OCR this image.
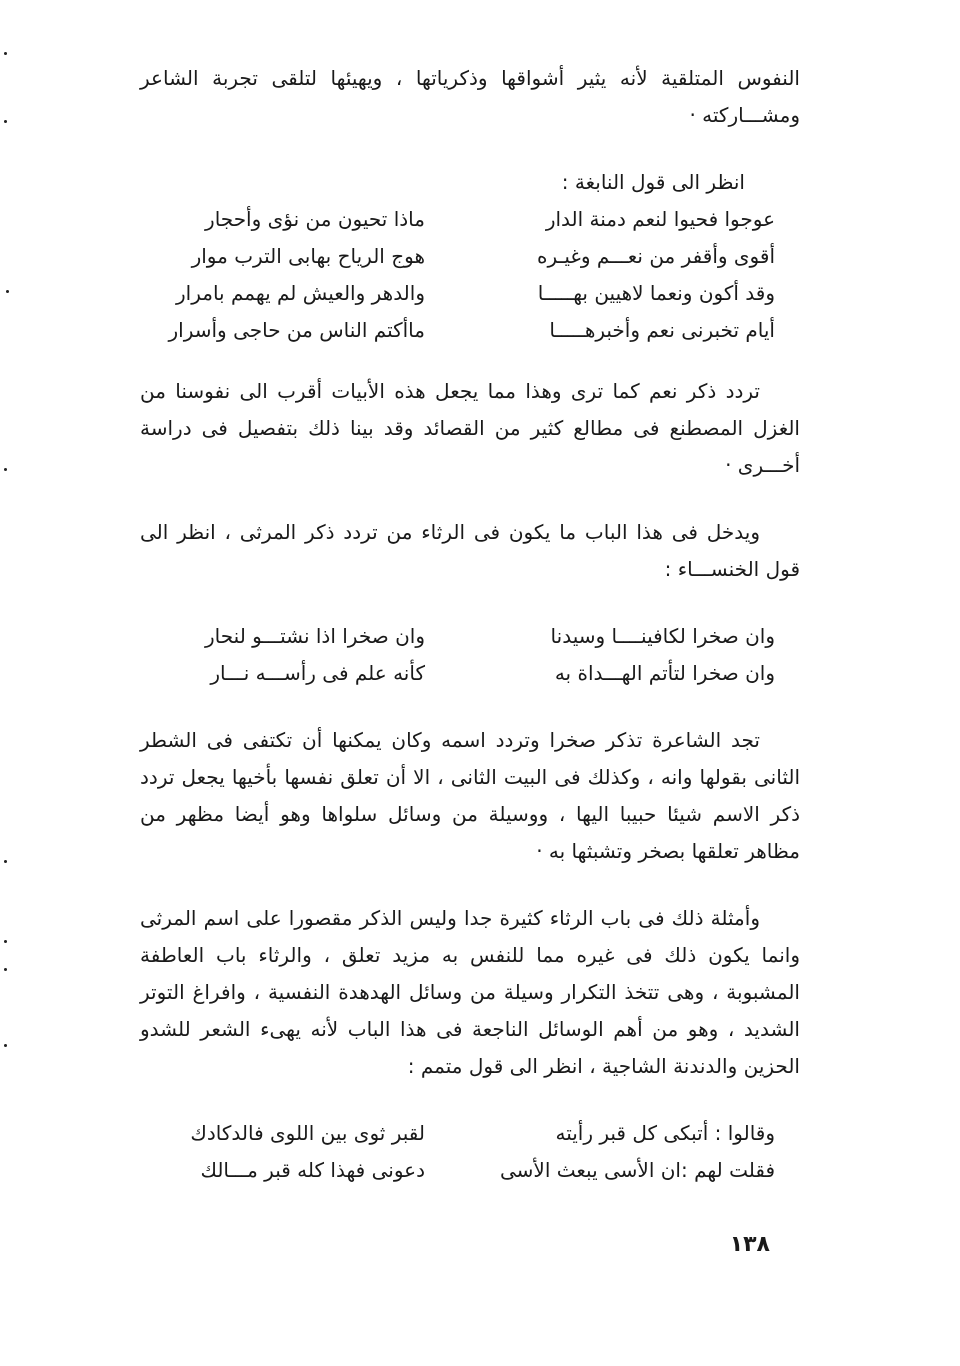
النفوس المتلقية لأنه يثير أشواقها وذكرياتها ، ويهيئها لتلقى تجربة الشاعر ومشـــاركته ·

انظر الى قول النابغة :

عوجوا فحيوا لنعم دمنة الدار
ماذا تحيون من نؤى وأحجار
أقوى وأقفر من نعـــم وغيـره
هوج الرياح بهابى الترب موار
وقد أكون ونعما لاهيين بهـــــا
والدهر والعيش لم يهمم بامرار
أيام تخبرنى نعم وأخبرهـــــا
ماأكتم الناس من حاجى وأسرار

تردد ذكر نعم كما ترى وهذا مما يجعل هذه الأبيات أقرب الى نفوسنا من الغزل المصطنع فى مطالع كثير من القصائد وقد بينا ذلك بتفصيل فى دراسة أخـــرى ·

ويدخل فى هذا الباب ما يكون فى الرثاء من تردد ذكر المرثى ، انظر الى قول الخنســـاء :

وان صخرا لكافينــــا وسيدنا
وان صخرا اذا نشتـــو لنحار
وان صخرا لتأتم الهـــداة به
كأنه علم فى رأســـه نـــار

تجد الشاعرة تذكر صخرا وتردد اسمه وكان يمكنها أن تكتفى فى الشطر الثانى بقولها وانه ، وكذلك فى البيت الثانى ، الا أن تعلق نفسها بأخيها يجعل تردد ذكر الاسم شيئا حبيبا اليها ، ووسيلة من وسائل سلواها وهو أيضا مظهر من مظاهر تعلقها بصخر وتشبثها به ·

وأمثلة ذلك فى باب الرثاء كثيرة جدا وليس الذكر مقصورا على اسم المرثى وانما يكون ذلك فى غيره مما للنفس به مزيد تعلق ، والرثاء باب العاطفة المشبوبة ، وهى تتخذ التكرار وسيلة من وسائل الهدهدة النفسية ، وافراغ التوتر الشديد ، وهو من أهم الوسائل الناجعة فى هذا الباب لأنه يهىء الشعر للشدو الحزين والدندنة الشاجية ، انظر الى قول متمم :

وقالوا : أتبكى كل قبر رأيته
لقبر ثوى بين اللوى فالدكادك
فقلت لهم :ان الأسى يبعث الأسى
دعونى فهذا كله قبر مـــالك
١٣٨
